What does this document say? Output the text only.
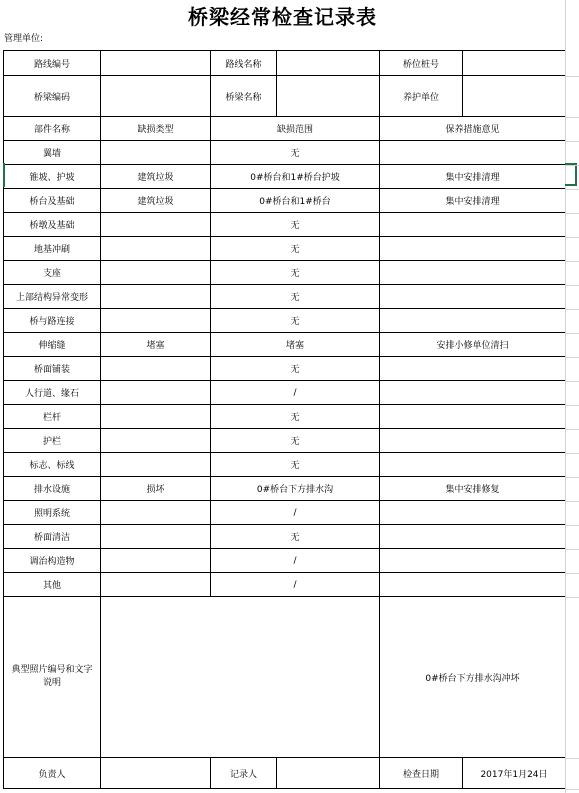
桥梁经常检查记录表
管理单位:
路线编号		路线名称		桥位桩号	
桥梁编码		桥梁名称		养护单位	
部件名称	缺损类型	缺损范围		保养措施意见	
翼墙		无			
锥坡、护坡	建筑垃圾	0#桥台和1#桥台护坡		集中安排清理	
桥台及基础	建筑垃圾	0#桥台和1#桥台		集中安排清理	
桥墩及基础		无			
地基冲刷		无			
支座		无			
上部结构异常变形		无			
桥与路连接		无			
伸缩缝	堵塞	堵塞		安排小修单位清扫	
桥面铺装		无			
人行道、缘石		/			
栏杆		无			
护栏		无			
标志、标线		无			
排水设施	损坏	0#桥台下方排水沟		集中安排修复	
照明系统		/			
桥面清洁		无			
调治构造物		/			
其他		/			
典型照片编号和文字说明				0#桥台下方排水沟冲坏	
负责人		记录人		检查日期	2017年1月24日
